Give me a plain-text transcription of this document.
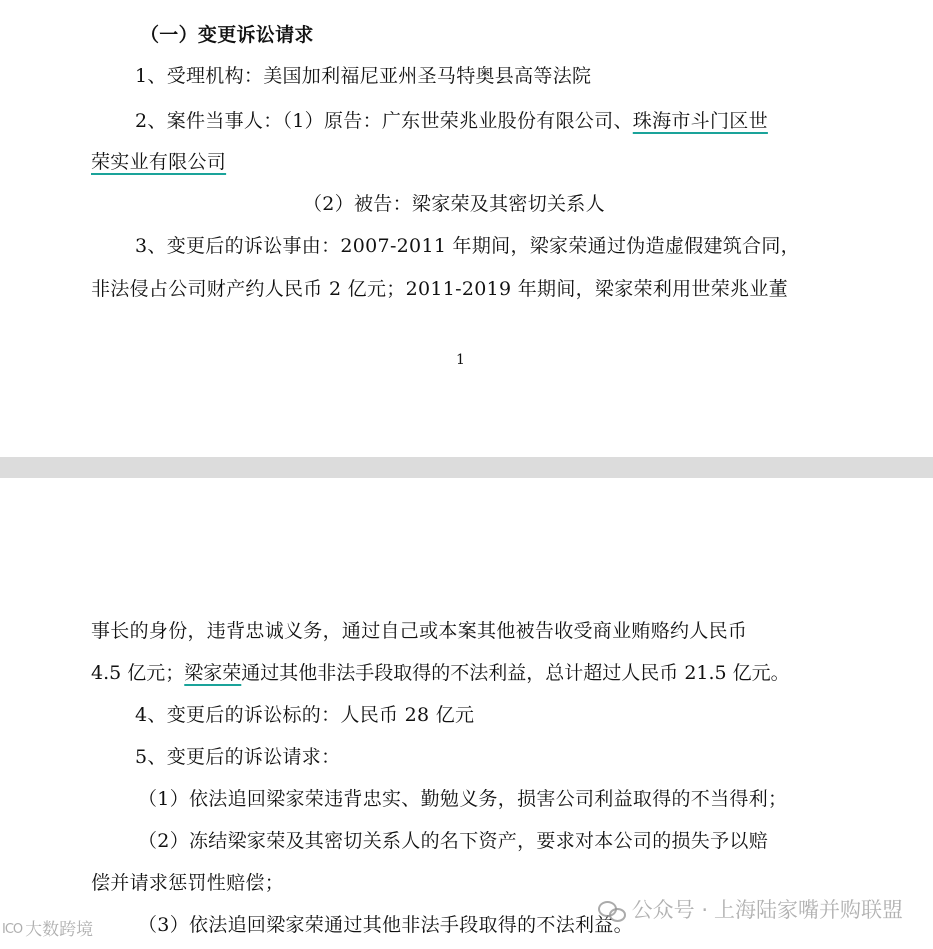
（一）变更诉讼请求
1、受理机构：美国加利福尼亚州圣马特奥县高等法院
2、案件当事人：（1）原告：广东世荣兆业股份有限公司、珠海市斗门区世
荣实业有限公司
（2）被告：梁家荣及其密切关系人
3、变更后的诉讼事由：2007-2011 年期间，梁家荣通过伪造虚假建筑合同，
非法侵占公司财产约人民币 2 亿元；2011-2019 年期间，梁家荣利用世荣兆业董
1
事长的身份，违背忠诚义务，通过自己或本案其他被告收受商业贿赂约人民币
4.5 亿元；梁家荣通过其他非法手段取得的不法利益，总计超过人民币 21.5 亿元。
4、变更后的诉讼标的：人民币 28 亿元
5、变更后的诉讼请求：
（1）依法追回梁家荣违背忠实、勤勉义务，损害公司利益取得的不当得利；
（2）冻结梁家荣及其密切关系人的名下资产，要求对本公司的损失予以赔
偿并请求惩罚性赔偿；
（3）依法追回梁家荣通过其他非法手段取得的不法利益。
公众号 · 上海陆家嘴并购联盟
ICO 大数跨境
